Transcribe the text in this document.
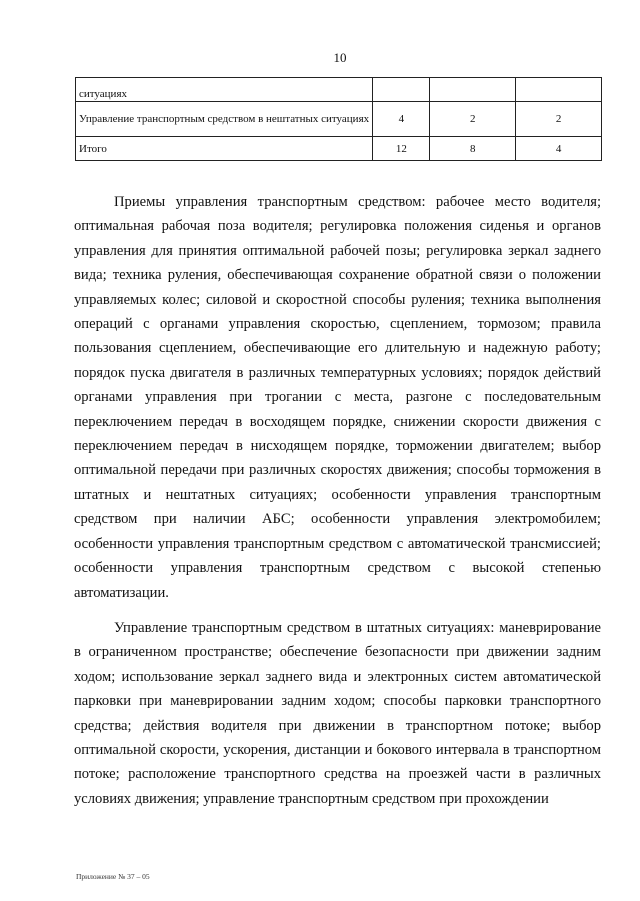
10
ситуациях			
Управление транспортным средством в нештатных ситуациях	4	2	2
Итого	12	8	4

Приемы управления транспортным средством: рабочее место водителя; оптимальная рабочая поза водителя; регулировка положения сиденья и органов управления для принятия оптимальной рабочей позы; регулировка зеркал заднего вида; техника руления, обеспечивающая сохранение обратной связи о положении управляемых колес; силовой и скоростной способы руления; техника выполнения операций с органами управления скоростью, сцеплением, тормозом; правила пользования сцеплением, обеспечивающие его длительную и надежную работу; порядок пуска двигателя в различных температурных условиях; порядок действий органами управления при трогании с места, разгоне с последовательным переключением передач в восходящем порядке, снижении скорости движения с переключением передач в нисходящем порядке, торможении двигателем; выбор оптимальной передачи при различных скоростях движения; способы торможения в штатных и нештатных ситуациях; особенности управления транспортным средством при наличии АБС; особенности управления электромобилем; особенности управления транспортным средством с автоматической трансмиссией; особенности управления транспортным средством с высокой степенью автоматизации.

Управление транспортным средством в штатных ситуациях: маневрирование в ограниченном пространстве; обеспечение безопасности при движении задним ходом; использование зеркал заднего вида и электронных систем автоматической парковки при маневрировании задним ходом; способы парковки транспортного средства; действия водителя при движении в транспортном потоке; выбор оптимальной скорости, ускорения, дистанции и бокового интервала в транспортном потоке; расположение транспортного средства на проезжей части в различных условиях движения; управление транспортным средством при прохождении

Приложение № 37 – 05
